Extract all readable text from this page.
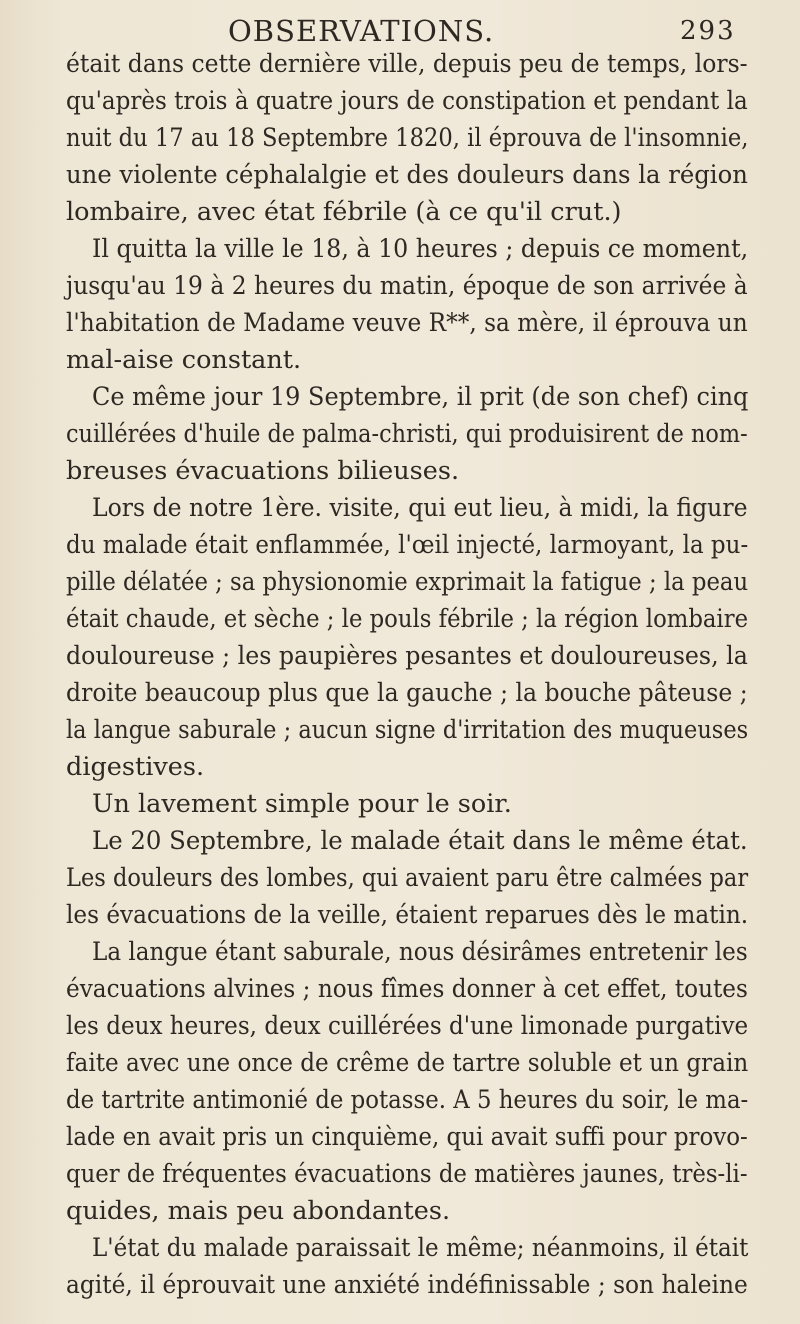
OBSERVATIONS.	293
était dans cette dernière ville, depuis peu de temps, lors-
qu'après trois à quatre jours de constipation et pendant la
nuit du 17 au 18 Septembre 1820, il éprouva de l'insomnie,
une violente céphalalgie et des douleurs dans la région
lombaire, avec état fébrile (à ce qu'il crut.)
Il quitta la ville le 18, à 10 heures ; depuis ce moment,
jusqu'au 19 à 2 heures du matin, époque de son arrivée à
l'habitation de Madame veuve R**, sa mère, il éprouva un
mal-aise constant.
Ce même jour 19 Septembre, il prit (de son chef) cinq
cuillérées d'huile de palma-christi, qui produisirent de nom-
breuses évacuations bilieuses.
Lors de notre 1ère. visite, qui eut lieu, à midi, la figure
du malade était enflammée, l'œil injecté, larmoyant, la pu-
pille délatée ; sa physionomie exprimait la fatigue ; la peau
était chaude, et sèche ; le pouls fébrile ; la région lombaire
douloureuse ; les paupières pesantes et douloureuses, la
droite beaucoup plus que la gauche ; la bouche pâteuse ;
la langue saburale ; aucun signe d'irritation des muqueuses
digestives.
Un lavement simple pour le soir.
Le 20 Septembre, le malade était dans le même état.
Les douleurs des lombes, qui avaient paru être calmées par
les évacuations de la veille, étaient reparues dès le matin.
La langue étant saburale, nous désirâmes entretenir les
évacuations alvines ; nous fîmes donner à cet effet, toutes
les deux heures, deux cuillérées d'une limonade purgative
faite avec une once de crême de tartre soluble et un grain
de tartrite antimonié de potasse. A 5 heures du soir, le ma-
lade en avait pris un cinquième, qui avait suffi pour provo-
quer de fréquentes évacuations de matières jaunes, très-li-
quides, mais peu abondantes.
L'état du malade paraissait le même; néanmoins, il était
agité, il éprouvait une anxiété indéfinissable ; son haleine
